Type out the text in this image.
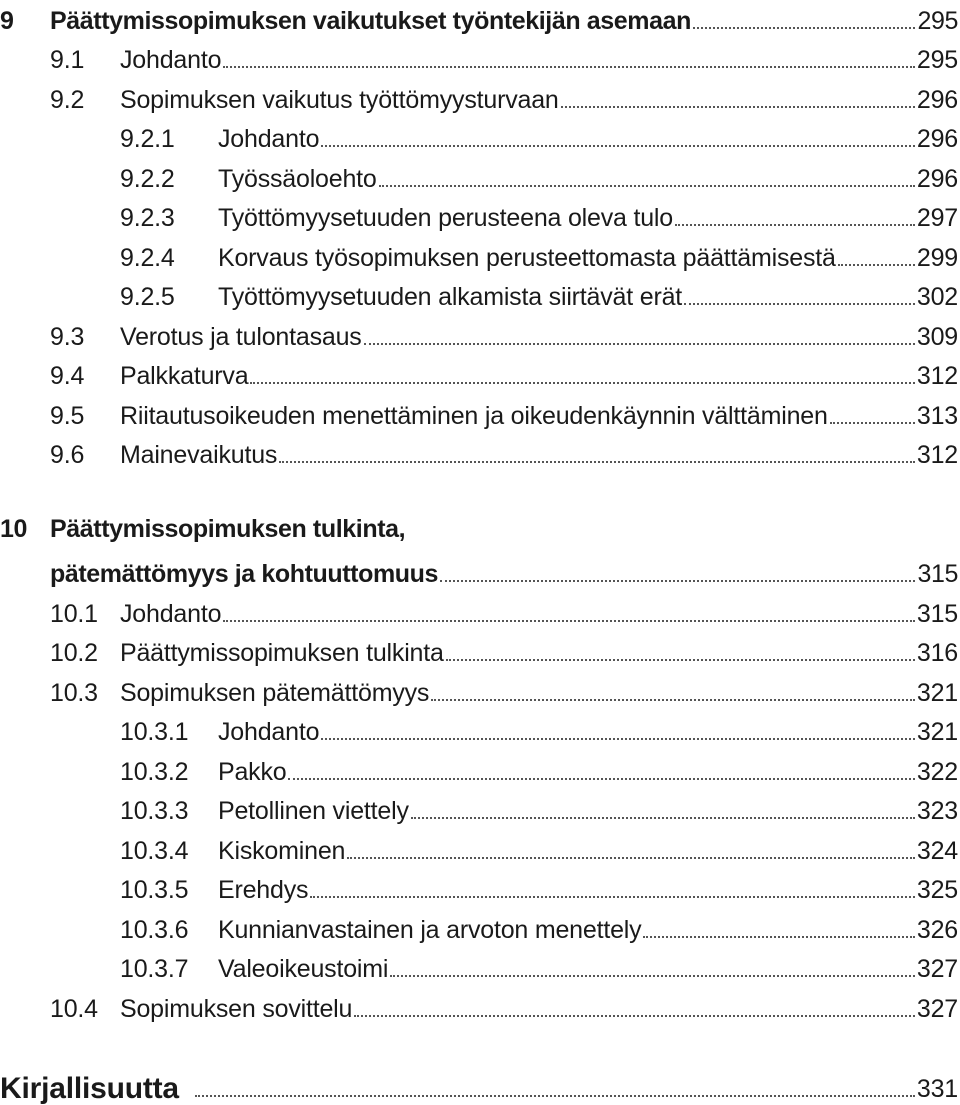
9	Päättymissopimuksen vaikutukset työntekijän asemaan	295
9.1	Johdanto	295
9.2	Sopimuksen vaikutus työttömyysturvaan	296
9.2.1	Johdanto	296
9.2.2	Työssäoloehto	296
9.2.3	Työttömyysetuuden perusteena oleva tulo	297
9.2.4	Korvaus työsopimuksen perusteettomasta päättämisestä	299
9.2.5	Työttömyysetuuden alkamista siirtävät erät	302
9.3	Verotus ja tulontasaus	309
9.4	Palkkaturva	312
9.5	Riitautusoikeuden menettäminen ja oikeudenkäynnin välttäminen	313
9.6	Mainevaikutus	312
10 Päättymissopimuksen tulkinta,
pätemättömyys ja kohtuuttomuus	315
10.1 Johdanto	315
10.2 Päättymissopimuksen tulkinta	316
10.3 Sopimuksen pätemättömyys	321
10.3.1	Johdanto	321
10.3.2	Pakko	322
10.3.3	Petollinen viettely	323
10.3.4	Kiskominen	324
10.3.5	Erehdys	325
10.3.6	Kunnianvastainen ja arvoton menettely	326
10.3.7	Valeoikeustoimi	327
10.4 Sopimuksen sovittelu	327
Kirjallisuutta	331
